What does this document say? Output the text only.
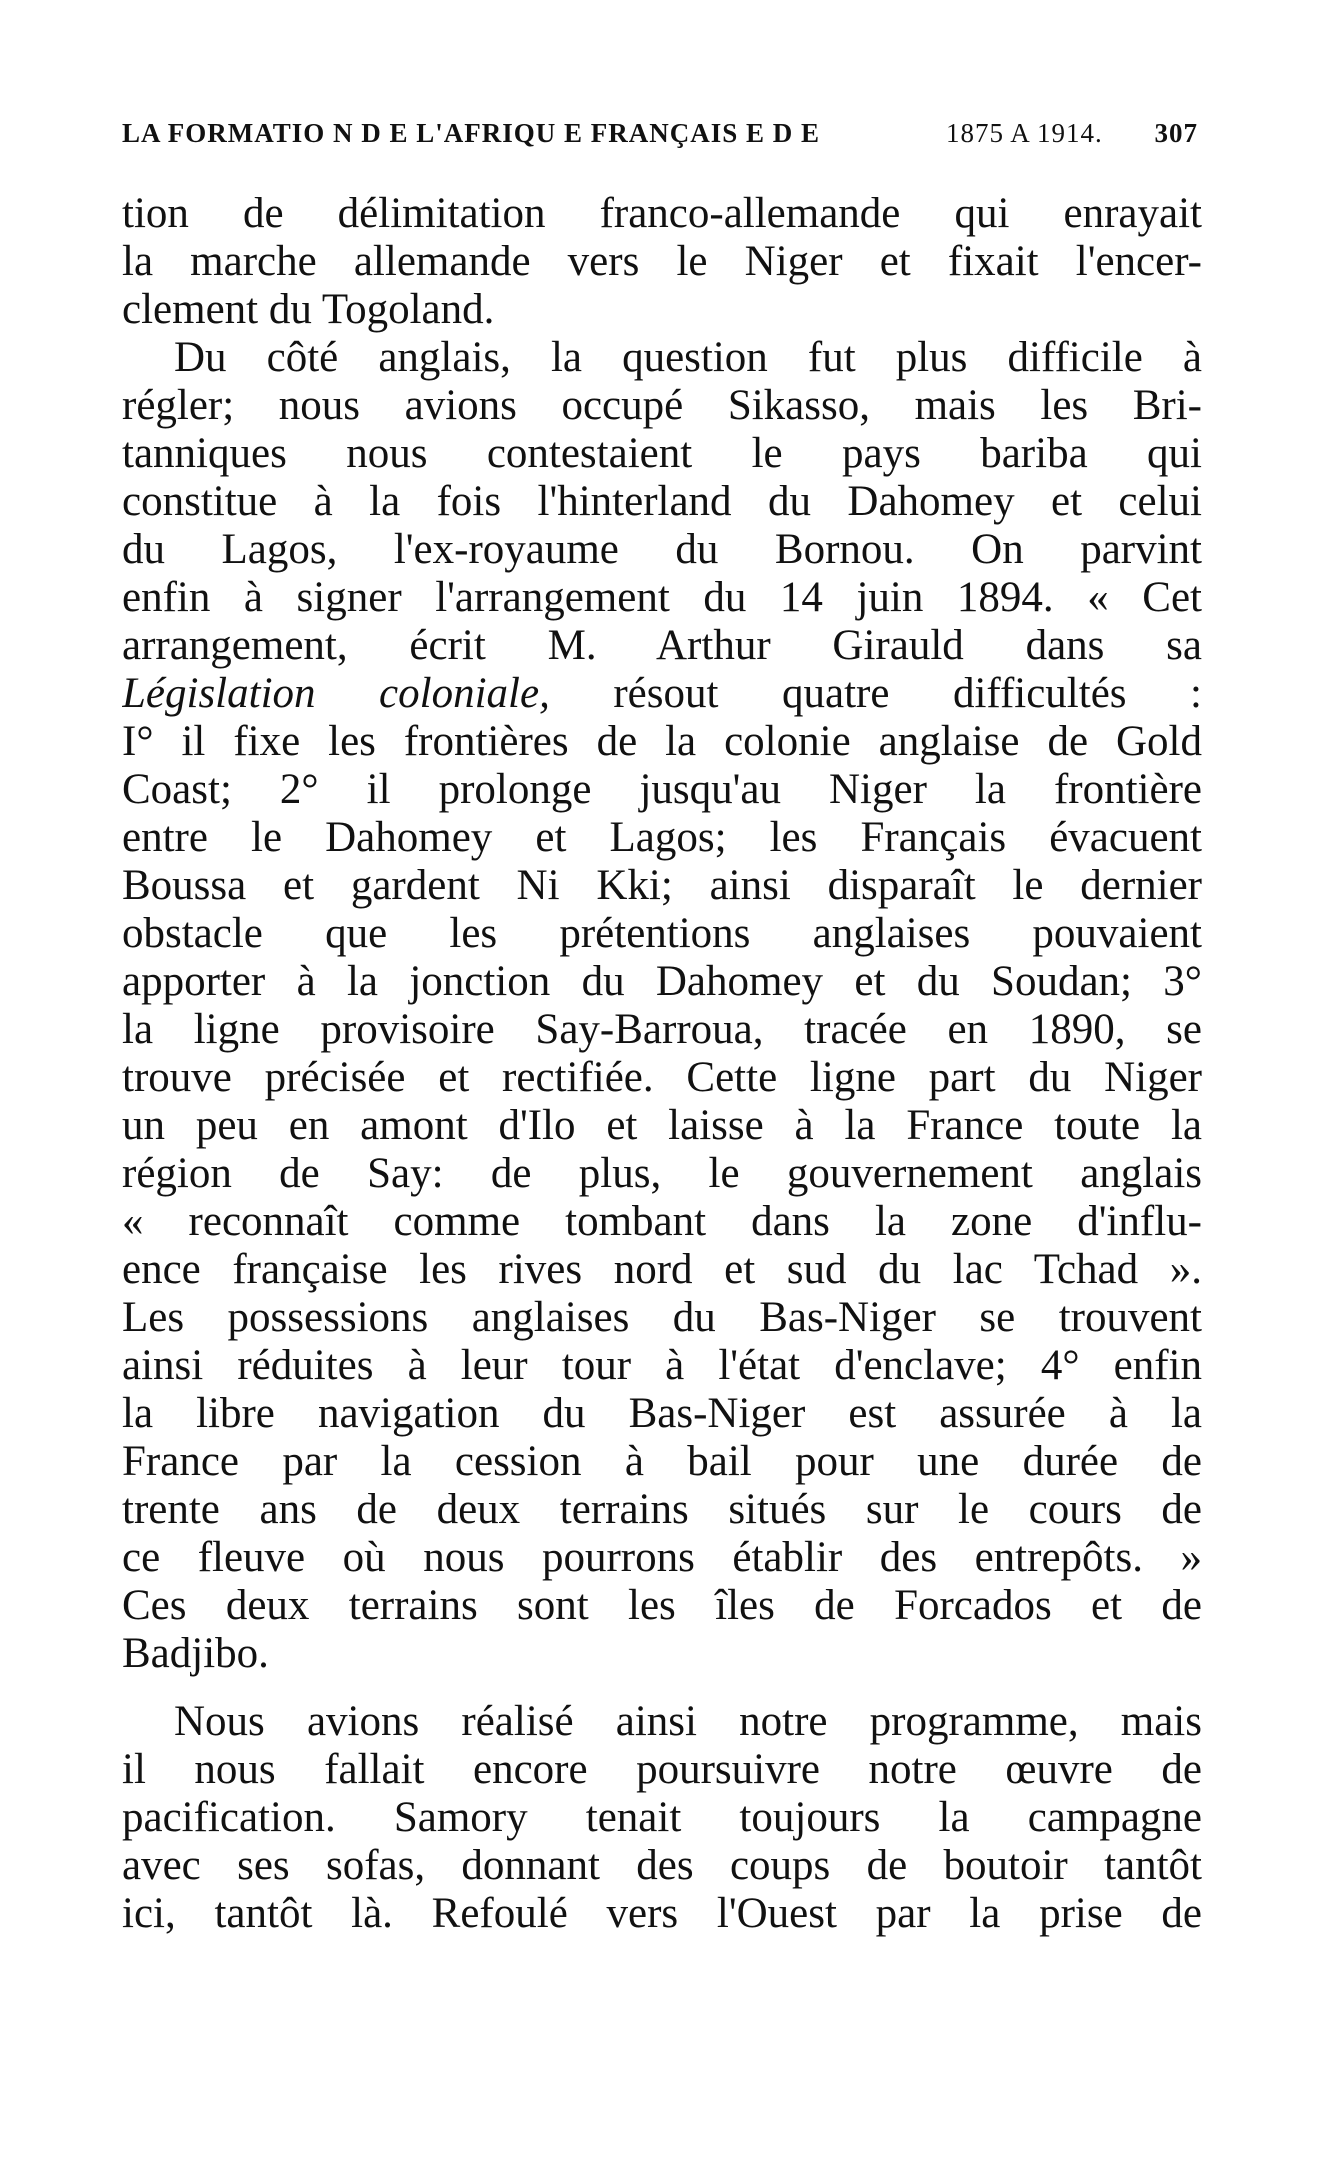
LA FORMATIO N D E L'AFRIQU E FRANÇAIS E D E	1875 A 1914. 307
tion de délimitation franco-allemande qui enrayait
la marche allemande vers le Niger et fixait l'encer-
clement du Togoland.
Du côté anglais, la question fut plus difficile à
régler; nous avions occupé Sikasso, mais les Bri-
tanniques nous contestaient le pays bariba qui
constitue à la fois l'hinterland du Dahomey et celui
du Lagos, l'ex-royaume du Bornou. On parvint
enfin à signer l'arrangement du 14 juin 1894. « Cet
arrangement, écrit M. Arthur Girauld dans sa
Législation coloniale, résout quatre difficultés :
I° il fixe les frontières de la colonie anglaise de Gold
Coast; 2° il prolonge jusqu'au Niger la frontière
entre le Dahomey et Lagos; les Français évacuent
Boussa et gardent Ni Kki; ainsi disparaît le dernier
obstacle que les prétentions anglaises pouvaient
apporter à la jonction du Dahomey et du Soudan; 3°
la ligne provisoire Say-Barroua, tracée en 1890, se
trouve précisée et rectifiée. Cette ligne part du Niger
un peu en amont d'Ilo et laisse à la France toute la
région de Say: de plus, le gouvernement anglais
« reconnaît comme tombant dans la zone d'influ-
ence française les rives nord et sud du lac Tchad ».
Les possessions anglaises du Bas-Niger se trouvent
ainsi réduites à leur tour à l'état d'enclave; 4° enfin
la libre navigation du Bas-Niger est assurée à la
France par la cession à bail pour une durée de
trente ans de deux terrains situés sur le cours de
ce fleuve où nous pourrons établir des entrepôts. »
Ces deux terrains sont les îles de Forcados et de
Badjibo.
Nous avions réalisé ainsi notre programme, mais
il nous fallait encore poursuivre notre œuvre de
pacification. Samory tenait toujours la campagne
avec ses sofas, donnant des coups de boutoir tantôt
ici, tantôt là. Refoulé vers l'Ouest par la prise de
